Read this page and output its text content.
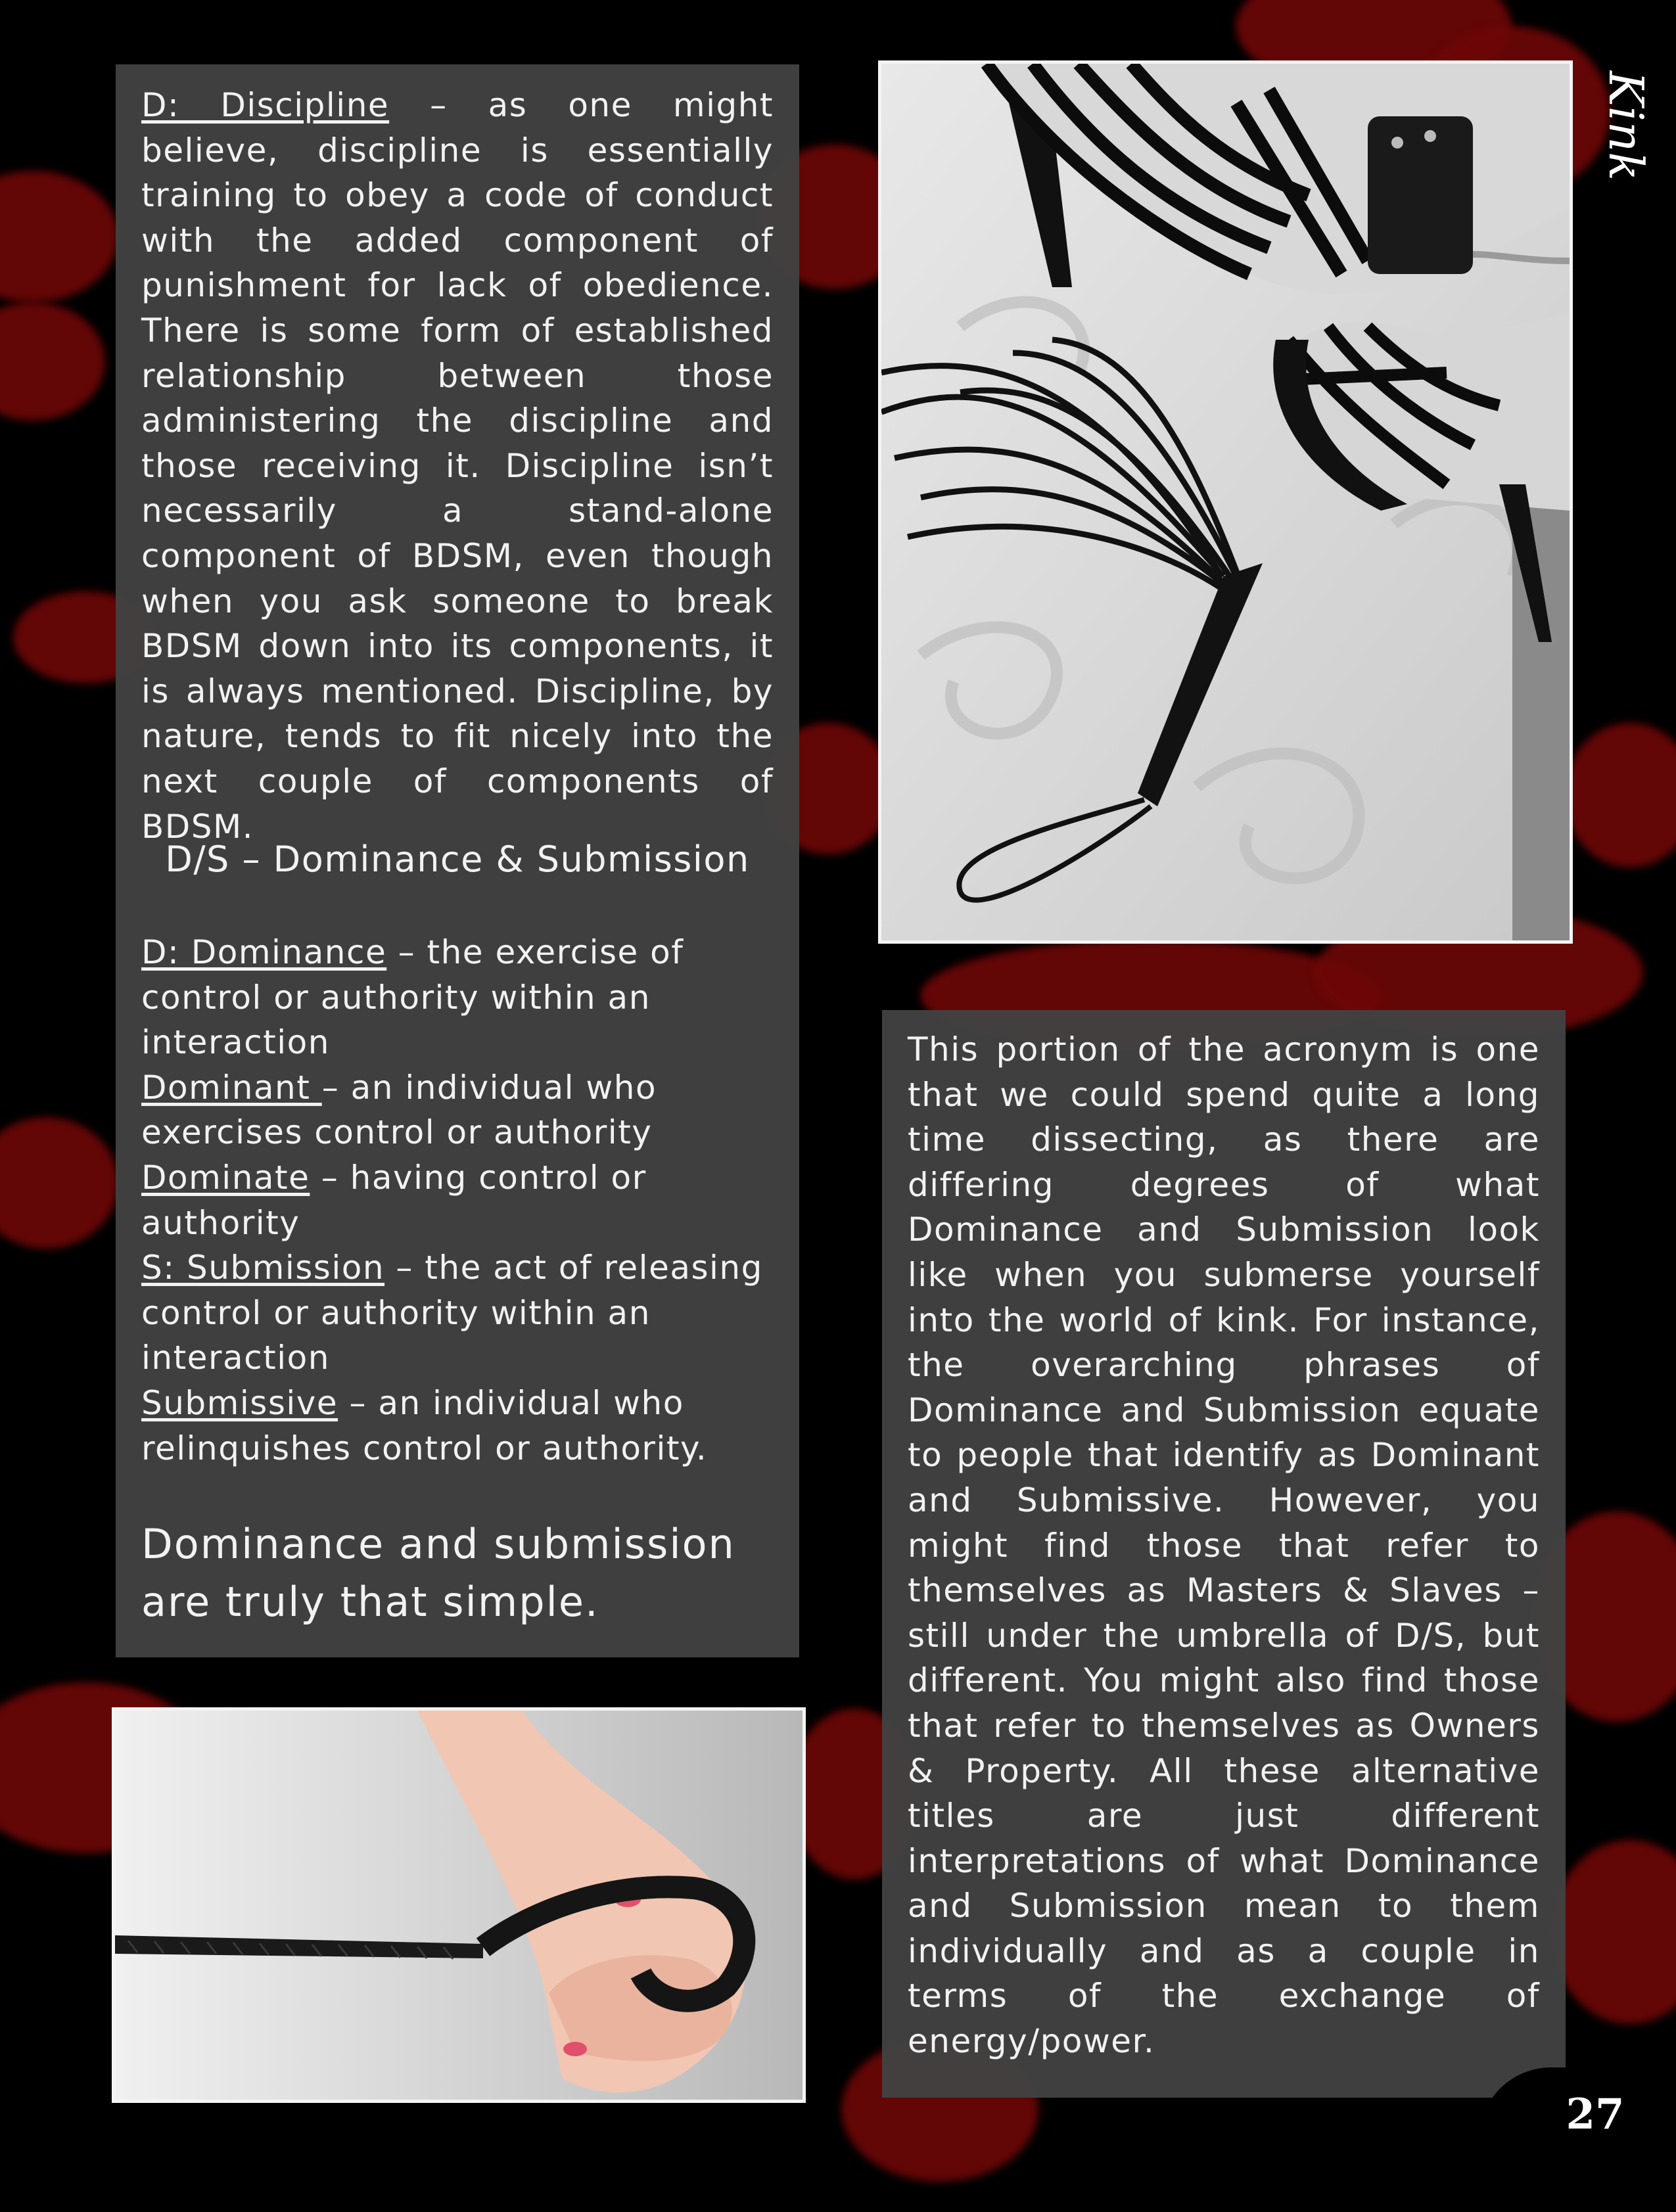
D: Discipline – as one might believe, discipline is essentially training to obey a code of conduct with the added component of punishment for lack of obedience. There is some form of established relationship between those administering the discipline and those receiving it. Discipline isn’t necessarily a stand-alone component of BDSM, even though when you ask someone to break BDSM down into its components, it is always mentioned. Discipline, by nature, tends to fit nicely into the next couple of components of BDSM.

D/S – Dominance & Submission

D: Dominance – the exercise of control or authority within an interaction

Dominant – an individual who exercises control or authority

Dominate – having control or authority

S: Submission – the act of releasing control or authority within an interaction

Submissive – an individual who relinquishes control or authority.

Dominance and submission are truly that simple.

This portion of the acronym is one that we could spend quite a long time dissecting, as there are differing degrees of what Dominance and Submission look like when you submerse yourself into the world of kink. For instance, the overarching phrases of Dominance and Submission equate to people that identify as Dominant and Submissive. However, you might find those that refer to themselves as Masters & Slaves – still under the umbrella of D/S, but different. You might also find those that refer to themselves as Owners & Property. All these alternative titles are just different interpretations of what Dominance and Submission mean to them individually and as a couple in terms of the exchange of energy/power.

Kink
27
